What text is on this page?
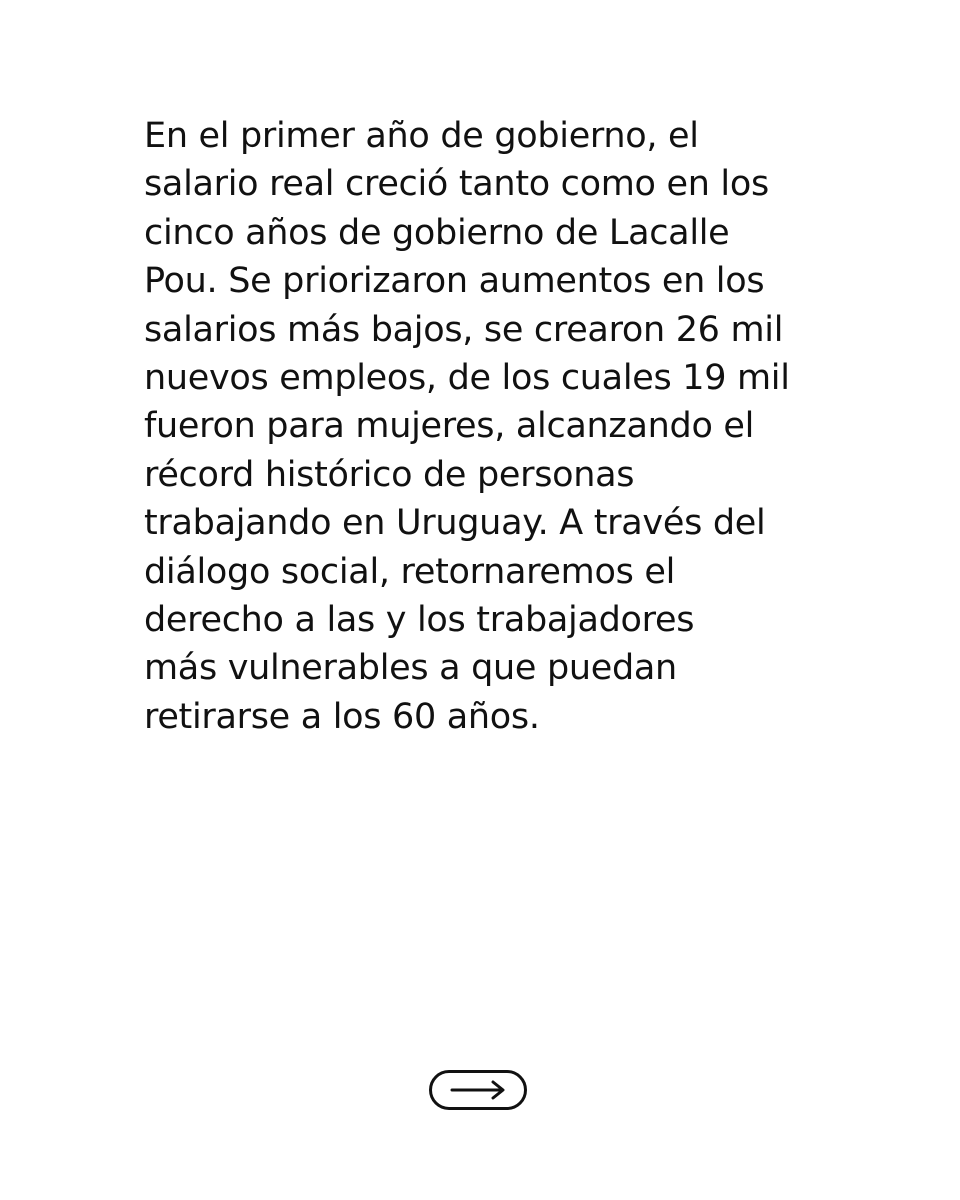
En el primer año de gobierno, el
salario real creció tanto como en los
cinco años de gobierno de Lacalle
Pou. Se priorizaron aumentos en los
salarios más bajos, se crearon 26 mil
nuevos empleos, de los cuales 19 mil
fueron para mujeres, alcanzando el
récord histórico de personas
trabajando en Uruguay. A través del
diálogo social, retornaremos el
derecho a las y los trabajadores
más vulnerables a que puedan
retirarse a los 60 años.
